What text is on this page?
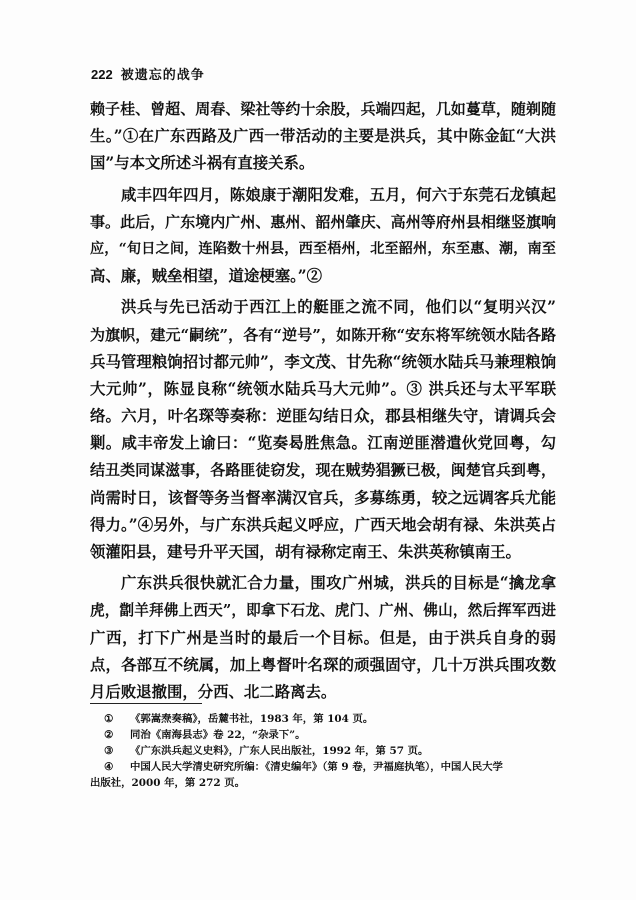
222 被遗忘的战争
赖子桂、曾超、周春、梁社等约十余股，兵端四起，几如蔓草，随剃随
生。”①在广东西路及广西一带活动的主要是洪兵，其中陈金缸“大洪
国”与本文所述斗祸有直接关系。
咸丰四年四月，陈娘康于潮阳发难，五月，何六于东莞石龙镇起
事。此后，广东境内广州、惠州、韶州肇庆、高州等府州县相继竖旗响
应，“旬日之间，连陷数十州县，西至梧州，北至韶州，东至惠、潮，南至
高、廉，贼垒相望，道途梗塞。”②
洪兵与先已活动于西江上的艇匪之流不同，他们以“复明兴汉”
为旗帜，建元“嗣统”，各有“逆号”，如陈开称“安东将军统领水陆各路
兵马管理粮饷招讨都元帅”，李文茂、甘先称“统领水陆兵马兼理粮饷
大元帅”，陈显良称“统领水陆兵马大元帅”。③ 洪兵还与太平军联
络。六月，叶名琛等奏称：逆匪勾结日众，郡县相继失守，请调兵会
剿。咸丰帝发上谕曰：“览奏曷胜焦急。江南逆匪潜遣伙党回粤，勾
结丑类同谋滋事，各路匪徒窃发，现在贼势猖獗已极，闽楚官兵到粤，
尚需时日，该督等务当督率满汉官兵，多募练勇，较之远调客兵尤能
得力。”④另外，与广东洪兵起义呼应，广西天地会胡有禄、朱洪英占
领灌阳县，建号升平天国，胡有禄称定南王、朱洪英称镇南王。
广东洪兵很快就汇合力量，围攻广州城，洪兵的目标是“擒龙拿
虎，劏羊拜佛上西天”，即拿下石龙、虎门、广州、佛山，然后挥军西进
广西，打下广州是当时的最后一个目标。但是，由于洪兵自身的弱
点，各部互不统属，加上粤督叶名琛的顽强固守，几十万洪兵围攻数
月后败退撤围，分西、北二路离去。
① 《郭嵩焘奏稿》，岳麓书社，1983 年，第 104 页。
② 同治《南海县志》卷 22，“杂录下”。
③ 《广东洪兵起义史料》，广东人民出版社，1992 年，第 57 页。
④ 中国人民大学清史研究所编：《清史编年》（第 9 卷，尹福庭执笔），中国人民大学
出版社，2000 年，第 272 页。
